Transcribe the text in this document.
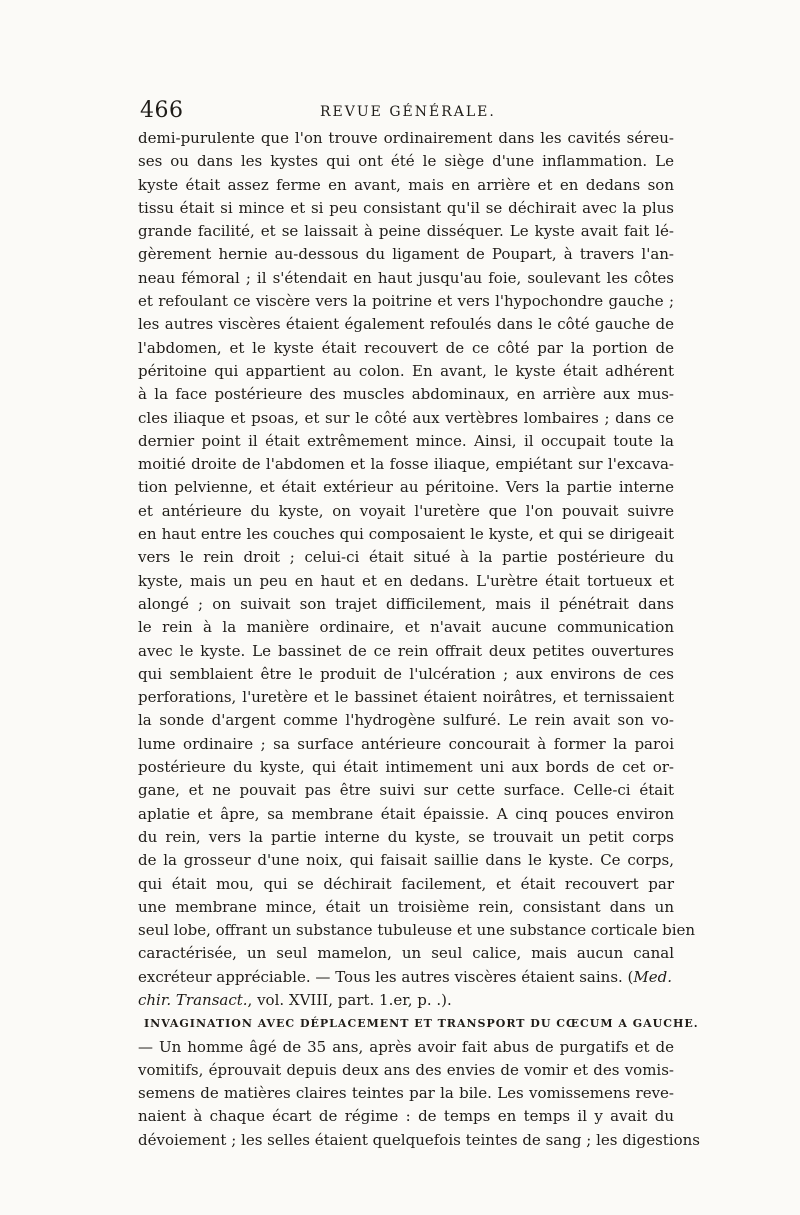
466	REVUE GÉNÉRALE.
demi-purulente que l'on trouve ordinairement dans les cavités séreu-
ses ou dans les kystes qui ont été le siège d'une inflammation. Le
kyste était assez ferme en avant, mais en arrière et en dedans son
tissu était si mince et si peu consistant qu'il se déchirait avec la plus
grande facilité, et se laissait à peine disséquer. Le kyste avait fait lé-
gèrement hernie au-dessous du ligament de Poupart, à travers l'an-
neau fémoral ; il s'étendait en haut jusqu'au foie, soulevant les côtes
et refoulant ce viscère vers la poitrine et vers l'hypochondre gauche ;
les autres viscères étaient également refoulés dans le côté gauche de
l'abdomen, et le kyste était recouvert de ce côté par la portion de
péritoine qui appartient au colon. En avant, le kyste était adhérent
à la face postérieure des muscles abdominaux, en arrière aux mus-
cles iliaque et psoas, et sur le côté aux vertèbres lombaires ; dans ce
dernier point il était extrêmement mince. Ainsi, il occupait toute la
moitié droite de l'abdomen et la fosse iliaque, empiétant sur l'excava-
tion pelvienne, et était extérieur au péritoine. Vers la partie interne
et antérieure du kyste, on voyait l'uretère que l'on pouvait suivre
en haut entre les couches qui composaient le kyste, et qui se dirigeait
vers le rein droit ; celui-ci était situé à la partie postérieure du
kyste, mais un peu en haut et en dedans. L'urètre était tortueux et
alongé ; on suivait son trajet difficilement, mais il pénétrait dans
le rein à la manière ordinaire, et n'avait aucune communication
avec le kyste. Le bassinet de ce rein offrait deux petites ouvertures
qui semblaient être le produit de l'ulcération ; aux environs de ces
perforations, l'uretère et le bassinet étaient noirâtres, et ternissaient
la sonde d'argent comme l'hydrogène sulfuré. Le rein avait son vo-
lume ordinaire ; sa surface antérieure concourait à former la paroi
postérieure du kyste, qui était intimement uni aux bords de cet or-
gane, et ne pouvait pas être suivi sur cette surface. Celle-ci était
aplatie et âpre, sa membrane était épaissie. A cinq pouces environ
du rein, vers la partie interne du kyste, se trouvait un petit corps
de la grosseur d'une noix, qui faisait saillie dans le kyste. Ce corps,
qui était mou, qui se déchirait facilement, et était recouvert par
une membrane mince, était un troisième rein, consistant dans un
seul lobe, offrant un substance tubuleuse et une substance corticale bien
caractérisée, un seul mamelon, un seul calice, mais aucun canal
excréteur appréciable. — Tous les autres viscères étaient sains. (Med.
chir. Transact., vol. XVIII, part. 1.er, p. .).
INVAGINATION AVEC DÉPLACEMENT ET TRANSPORT DU CŒCUM A GAUCHE.
— Un homme âgé de 35 ans, après avoir fait abus de purgatifs et de
vomitifs, éprouvait depuis deux ans des envies de vomir et des vomis-
semens de matières claires teintes par la bile. Les vomissemens reve-
naient à chaque écart de régime : de temps en temps il y avait du
dévoiement ; les selles étaient quelquefois teintes de sang ; les digestions
